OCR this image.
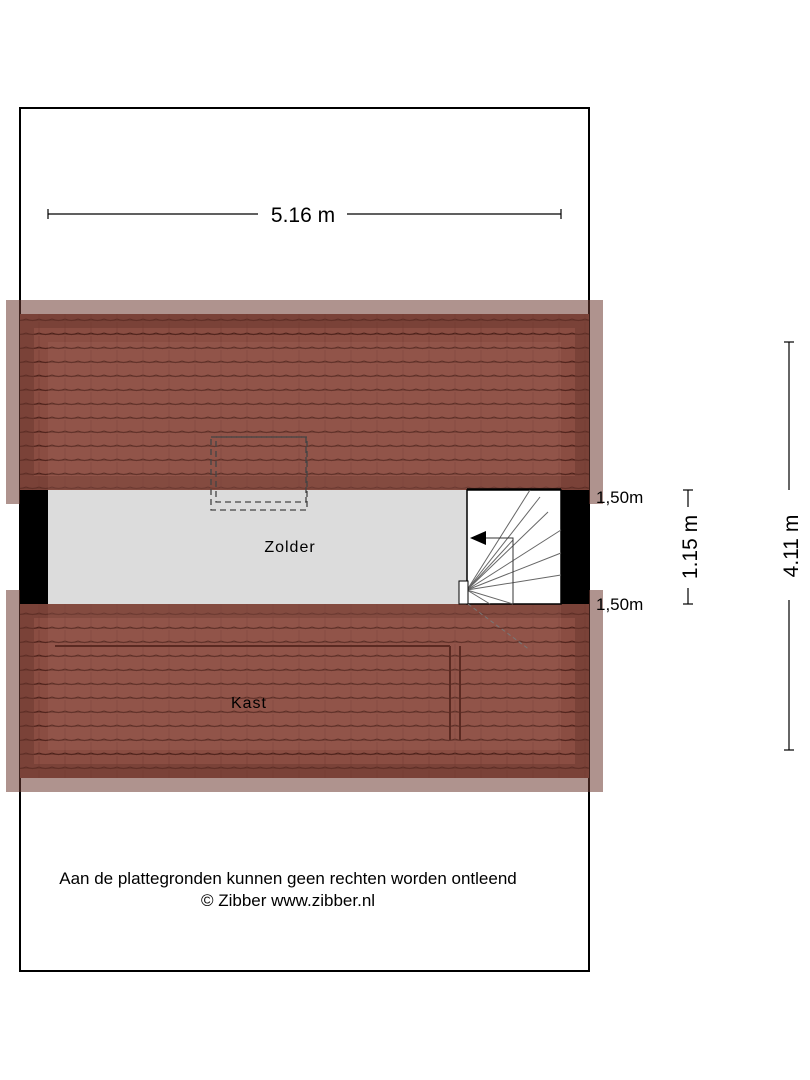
5.16 m
4.11 m
1.15 m
1,50m
1,50m
Zolder
Kast
Aan de plattegronden kunnen geen rechten worden ontleend
© Zibber www.zibber.nl
